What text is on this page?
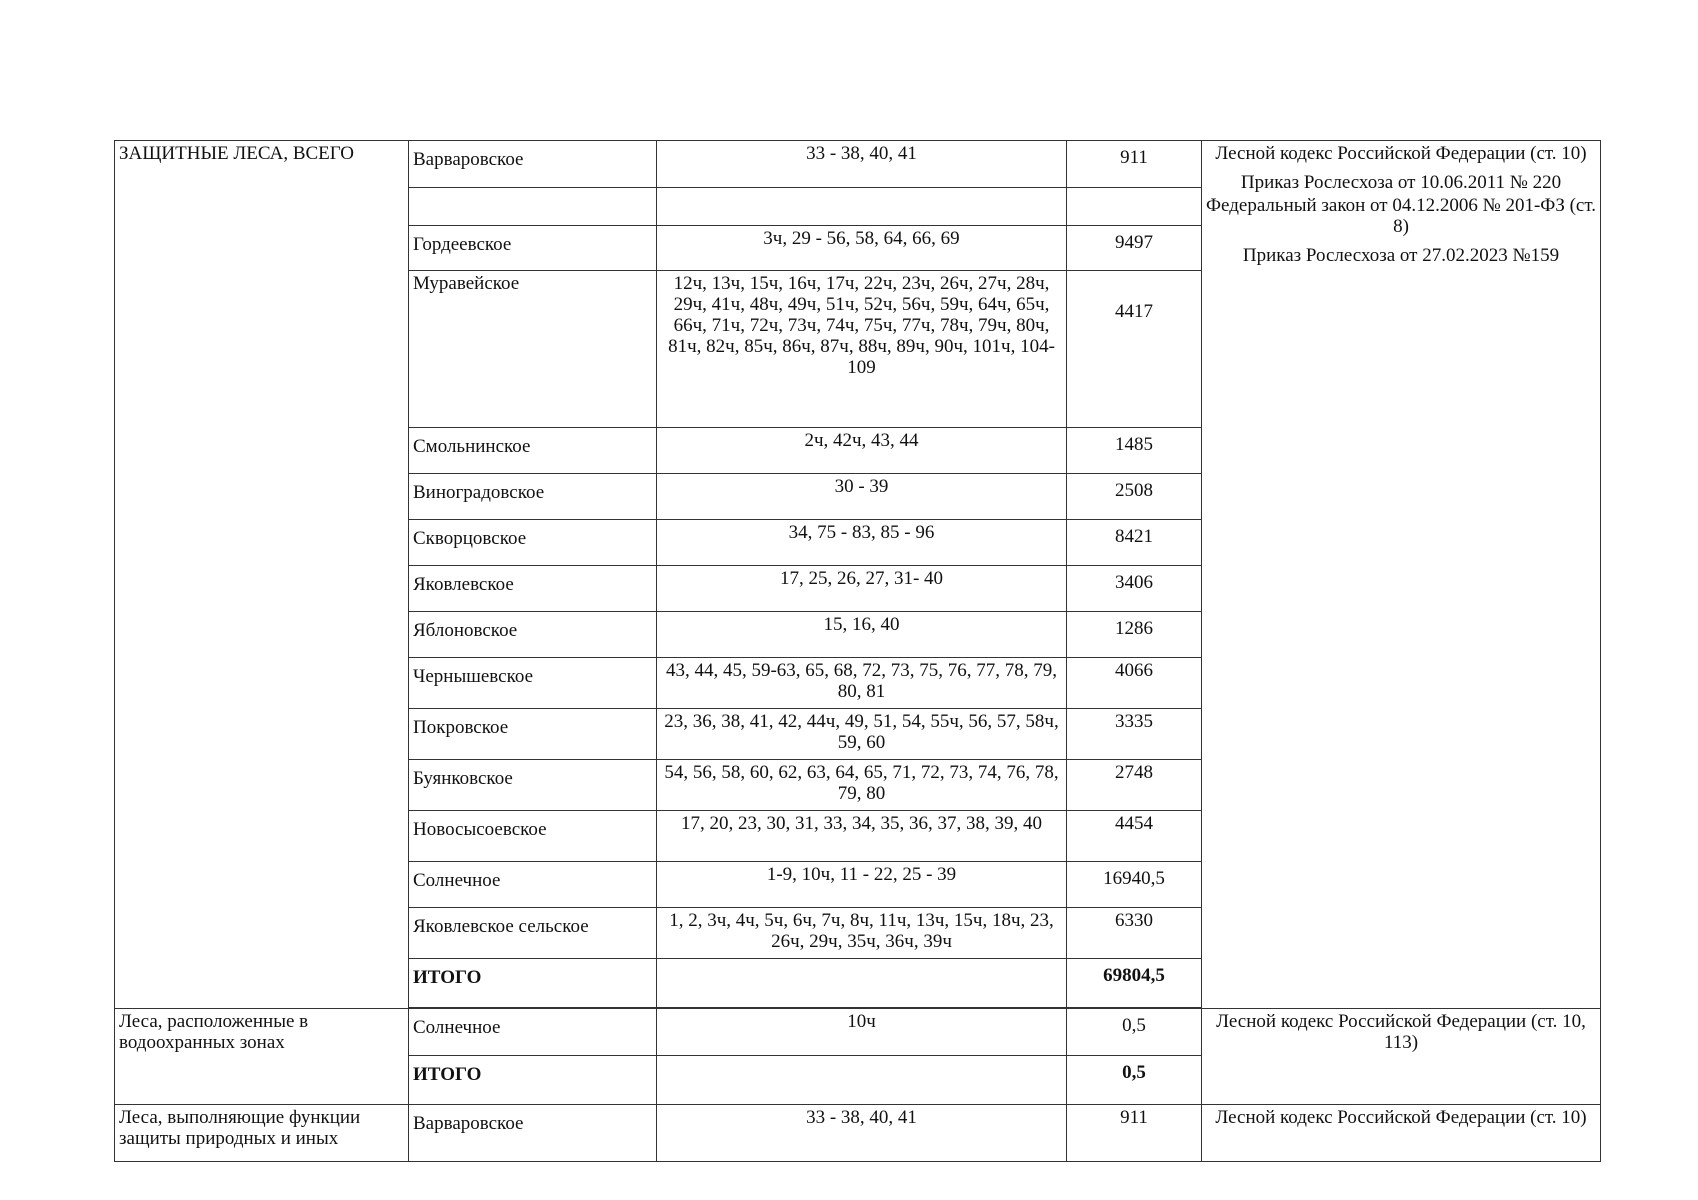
ЗАЩИТНЫЕ ЛЕСА, ВСЕГО	Варваровское	33 - 38, 40, 41	911	Лесной кодекс Российской Федерации (ст. 10)

Приказ Рослесхоза от 10.06.2011 № 220

Федеральный закон от 04.12.2006 № 201-ФЗ (ст. 8)

Приказ Рослесхоза от 27.02.2023 №159

	Гордеевское	3ч, 29 - 56, 58, 64, 66, 69	9497	
	Муравейское	12ч, 13ч, 15ч, 16ч, 17ч, 22ч, 23ч, 26ч, 27ч, 28ч, 29ч, 41ч, 48ч, 49ч, 51ч, 52ч, 56ч, 59ч, 64ч, 65ч, 66ч, 71ч, 72ч, 73ч, 74ч, 75ч, 77ч, 78ч, 79ч, 80ч, 81ч, 82ч, 85ч, 86ч, 87ч, 88ч, 89ч, 90ч, 101ч, 104-109	4417	

	Смольнинское	2ч, 42ч, 43, 44	1485	

	Виноградовское	30 - 39	2508	

	Скворцовское	34, 75 - 83, 85 - 96	8421	

	Яковлевское	17, 25, 26, 27, 31- 40	3406	

	Яблоновское	15, 16, 40	1286	

	Чернышевское	43, 44, 45, 59-63, 65, 68, 72, 73, 75, 76, 77, 78, 79, 80, 81	4066	

	Покровское	23, 36, 38, 41, 42, 44ч, 49, 51, 54, 55ч, 56, 57, 58ч, 59, 60	3335	

	Буянковское	54, 56, 58, 60, 62, 63, 64, 65, 71, 72, 73, 74, 76, 78, 79, 80	2748	

	Новосысоевское	17, 20, 23, 30, 31, 33, 34, 35, 36, 37, 38, 39, 40	4454	

	Солнечное	1-9, 10ч, 11 - 22, 25 - 39	16940,5	

	Яковлевское сельское	1, 2, 3ч, 4ч, 5ч, 6ч, 7ч, 8ч, 11ч, 13ч, 15ч, 18ч, 23, 26ч, 29ч, 35ч, 36ч, 39ч	6330	

	ИТОГО		69804,5	

Леса, расположенные в водоохранных зонах	Солнечное	10ч	0,5	Лесной кодекс Российской Федерации (ст. 10, 113)

	ИТОГО		0,5	
Леса, выполняющие функции защиты природных и иных	Варваровское	33 - 38, 40, 41	911	Лесной кодекс Российской Федерации (ст. 10)
